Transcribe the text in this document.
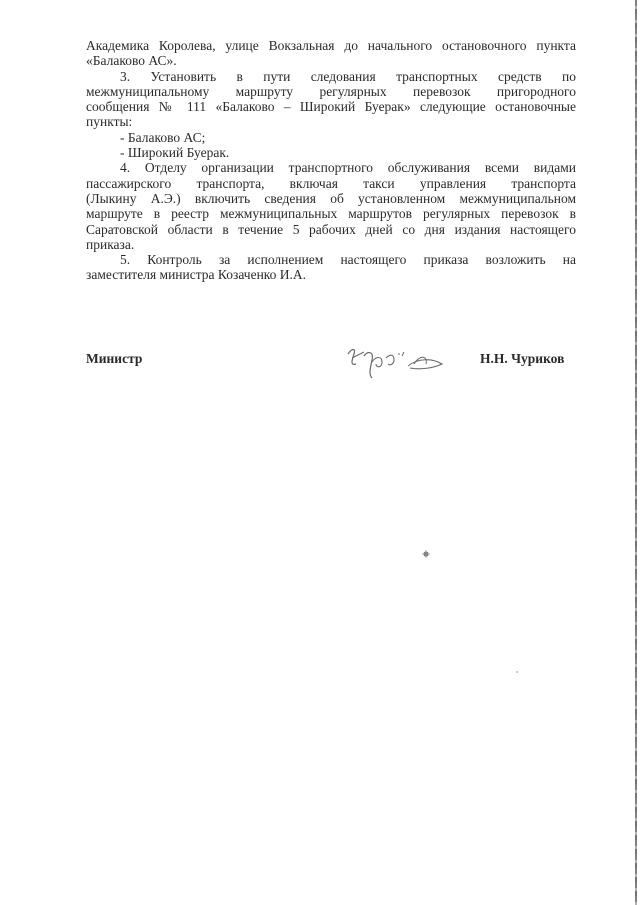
Академика Королева, улице Вокзальная до начального остановочного пункта
«Балаково АС».

3. Установить в пути следования транспортных средств по
межмуниципальному маршруту регулярных перевозок пригородного
сообщения № 111 «Балаково – Широкий Буерак» следующие остановочные
пункты:

- Балаково АС;

- Широкий Буерак.

4. Отделу организации транспортного обслуживания всеми видами
пассажирского транспорта, включая такси управления транспорта
(Лыкину А.Э.) включить сведения об установленном межмуниципальном
маршруте в реестр межмуниципальных маршрутов регулярных перевозок в
Саратовской области в течение 5 рабочих дней со дня издания настоящего
приказа.

5. Контроль за исполнением настоящего приказа возложить на
заместителя министра Козаченко И.А.

Министр	Н.Н. Чуриков
